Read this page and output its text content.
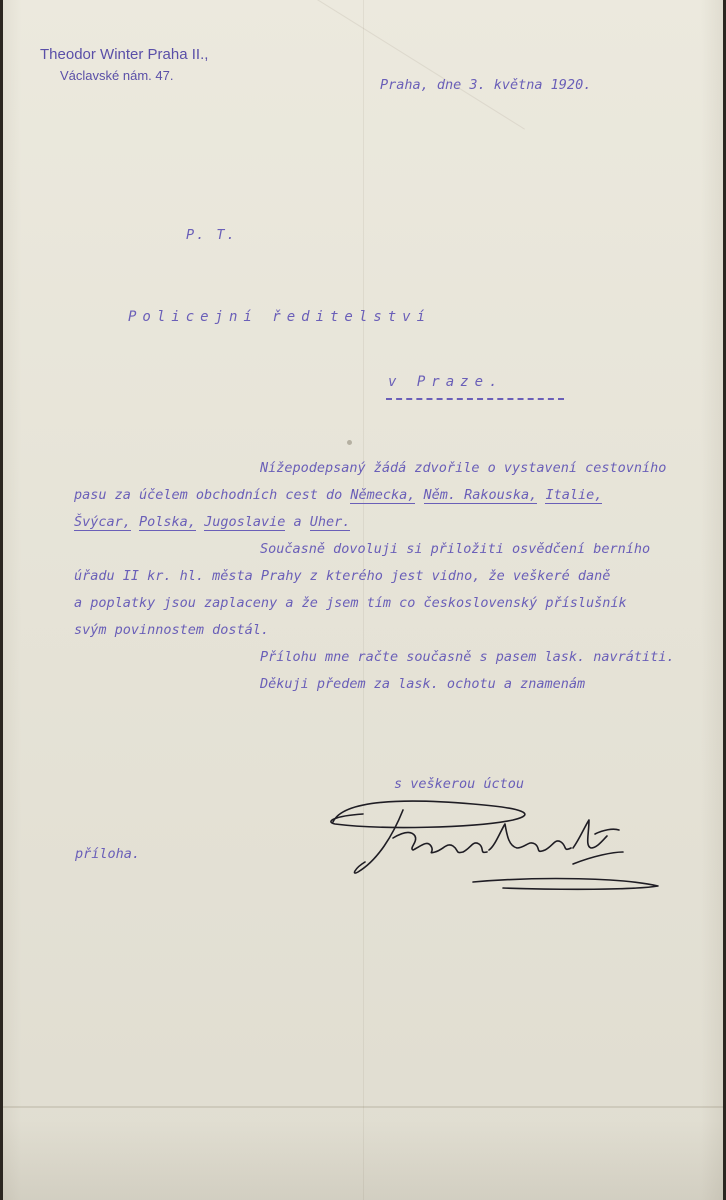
Theodor Winter Praha II.,
Václavské nám. 47.
Praha, dne 3. května 1920.
P. T.
Policejní ředitelství
v Praze.
Nížepodepsaný žádá zdvořile o vystavení cestovního
pasu za účelem obchodních cest do Německa, Něm. Rakouska, Italie,
Švýcar, Polska, Jugoslavie a Uher.
Současně dovoluji si přiložiti osvědčení berního
úřadu II kr. hl. města Prahy z kterého jest vidno, že veškeré daně
a poplatky jsou zaplaceny a že jsem tím co československý příslušník
svým povinnostem dostál.
Přílohu mne račte současně s pasem lask. navrátiti.
Děkuji předem za lask. ochotu a znamenám
s veškerou úctou
příloha.
